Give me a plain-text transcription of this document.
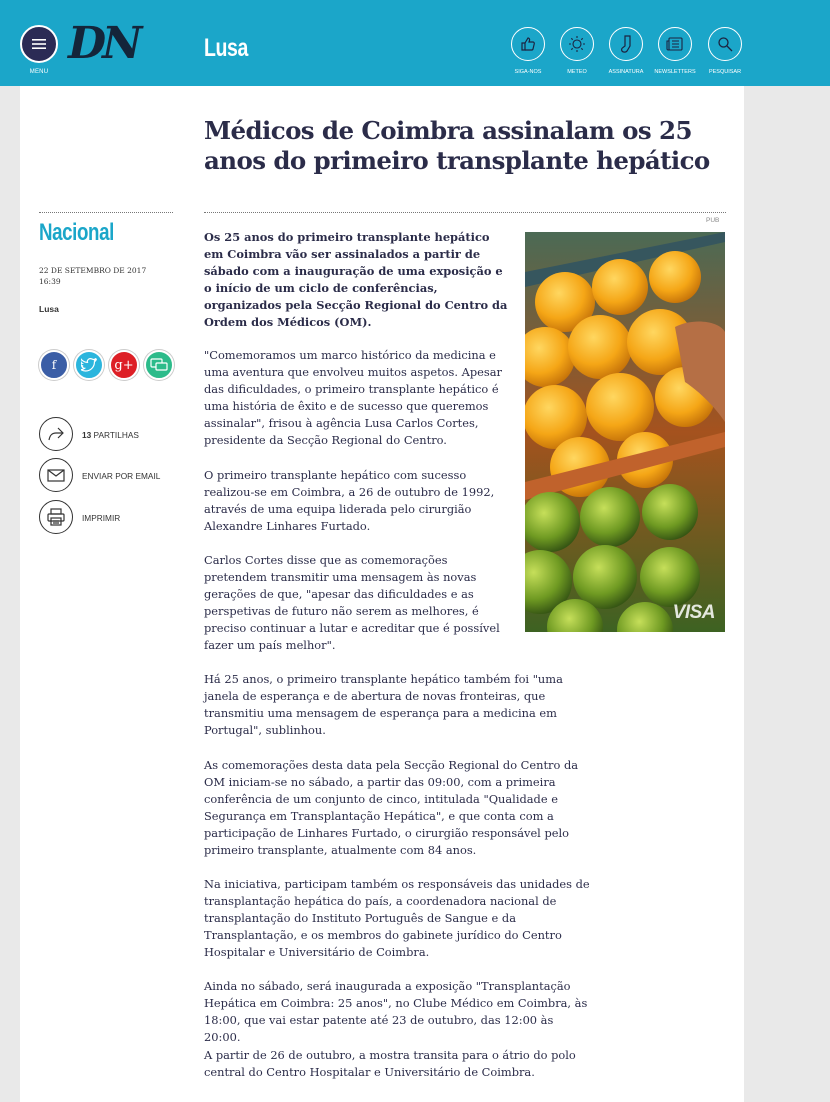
MENU
DN	Lusa
SIGA-NOS	METEO	ASSINATURA	NEWSLETTERS	PESQUISAR
Médicos de Coimbra assinalam os 25 anos do primeiro transplante hepático
Nacional
22 DE SETEMBRO DE 2017
16:39
Lusa
f	g+
13 PARTILHAS
ENVIAR POR EMAIL
IMPRIMIR
PUB
VISA
Os 25 anos do primeiro transplante hepático em Coimbra vão ser assinalados a partir de sábado com a inauguração de uma exposição e o início de um ciclo de conferências, organizados pela Secção Regional do Centro da Ordem dos Médicos (OM).

"Comemoramos um marco histórico da medicina e uma aventura que envolveu muitos aspetos. Apesar das dificuldades, o primeiro transplante hepático é uma história de êxito e de sucesso que queremos assinalar", frisou à agência Lusa Carlos Cortes, presidente da Secção Regional do Centro.

O primeiro transplante hepático com sucesso realizou-se em Coimbra, a 26 de outubro de 1992, através de uma equipa liderada pelo cirurgião Alexandre Linhares Furtado.

Carlos Cortes disse que as comemorações pretendem transmitir uma mensagem às novas gerações de que, "apesar das dificuldades e as perspetivas de futuro não serem as melhores, é preciso continuar a lutar e acreditar que é possível fazer um país melhor".

Há 25 anos, o primeiro transplante hepático também foi "uma janela de esperança e de abertura de novas fronteiras, que transmitiu uma mensagem de esperança para a medicina em Portugal", sublinhou.

As comemorações desta data pela Secção Regional do Centro da OM iniciam-se no sábado, a partir das 09:00, com a primeira conferência de um conjunto de cinco, intitulada "Qualidade e Segurança em Transplantação Hepática", e que conta com a participação de Linhares Furtado, o cirurgião responsável pelo primeiro transplante, atualmente com 84 anos.

Na iniciativa, participam também os responsáveis das unidades de transplantação hepática do país, a coordenadora nacional de transplantação do Instituto Português de Sangue e da Transplantação, e os membros do gabinete jurídico do Centro Hospitalar e Universitário de Coimbra.

Ainda no sábado, será inaugurada a exposição "Transplantação Hepática em Coimbra: 25 anos", no Clube Médico em Coimbra, às 18:00, que vai estar patente até 23 de outubro, das 12:00 às 20:00.

A partir de 26 de outubro, a mostra transita para o átrio do polo central do Centro Hospitalar e Universitário de Coimbra.
